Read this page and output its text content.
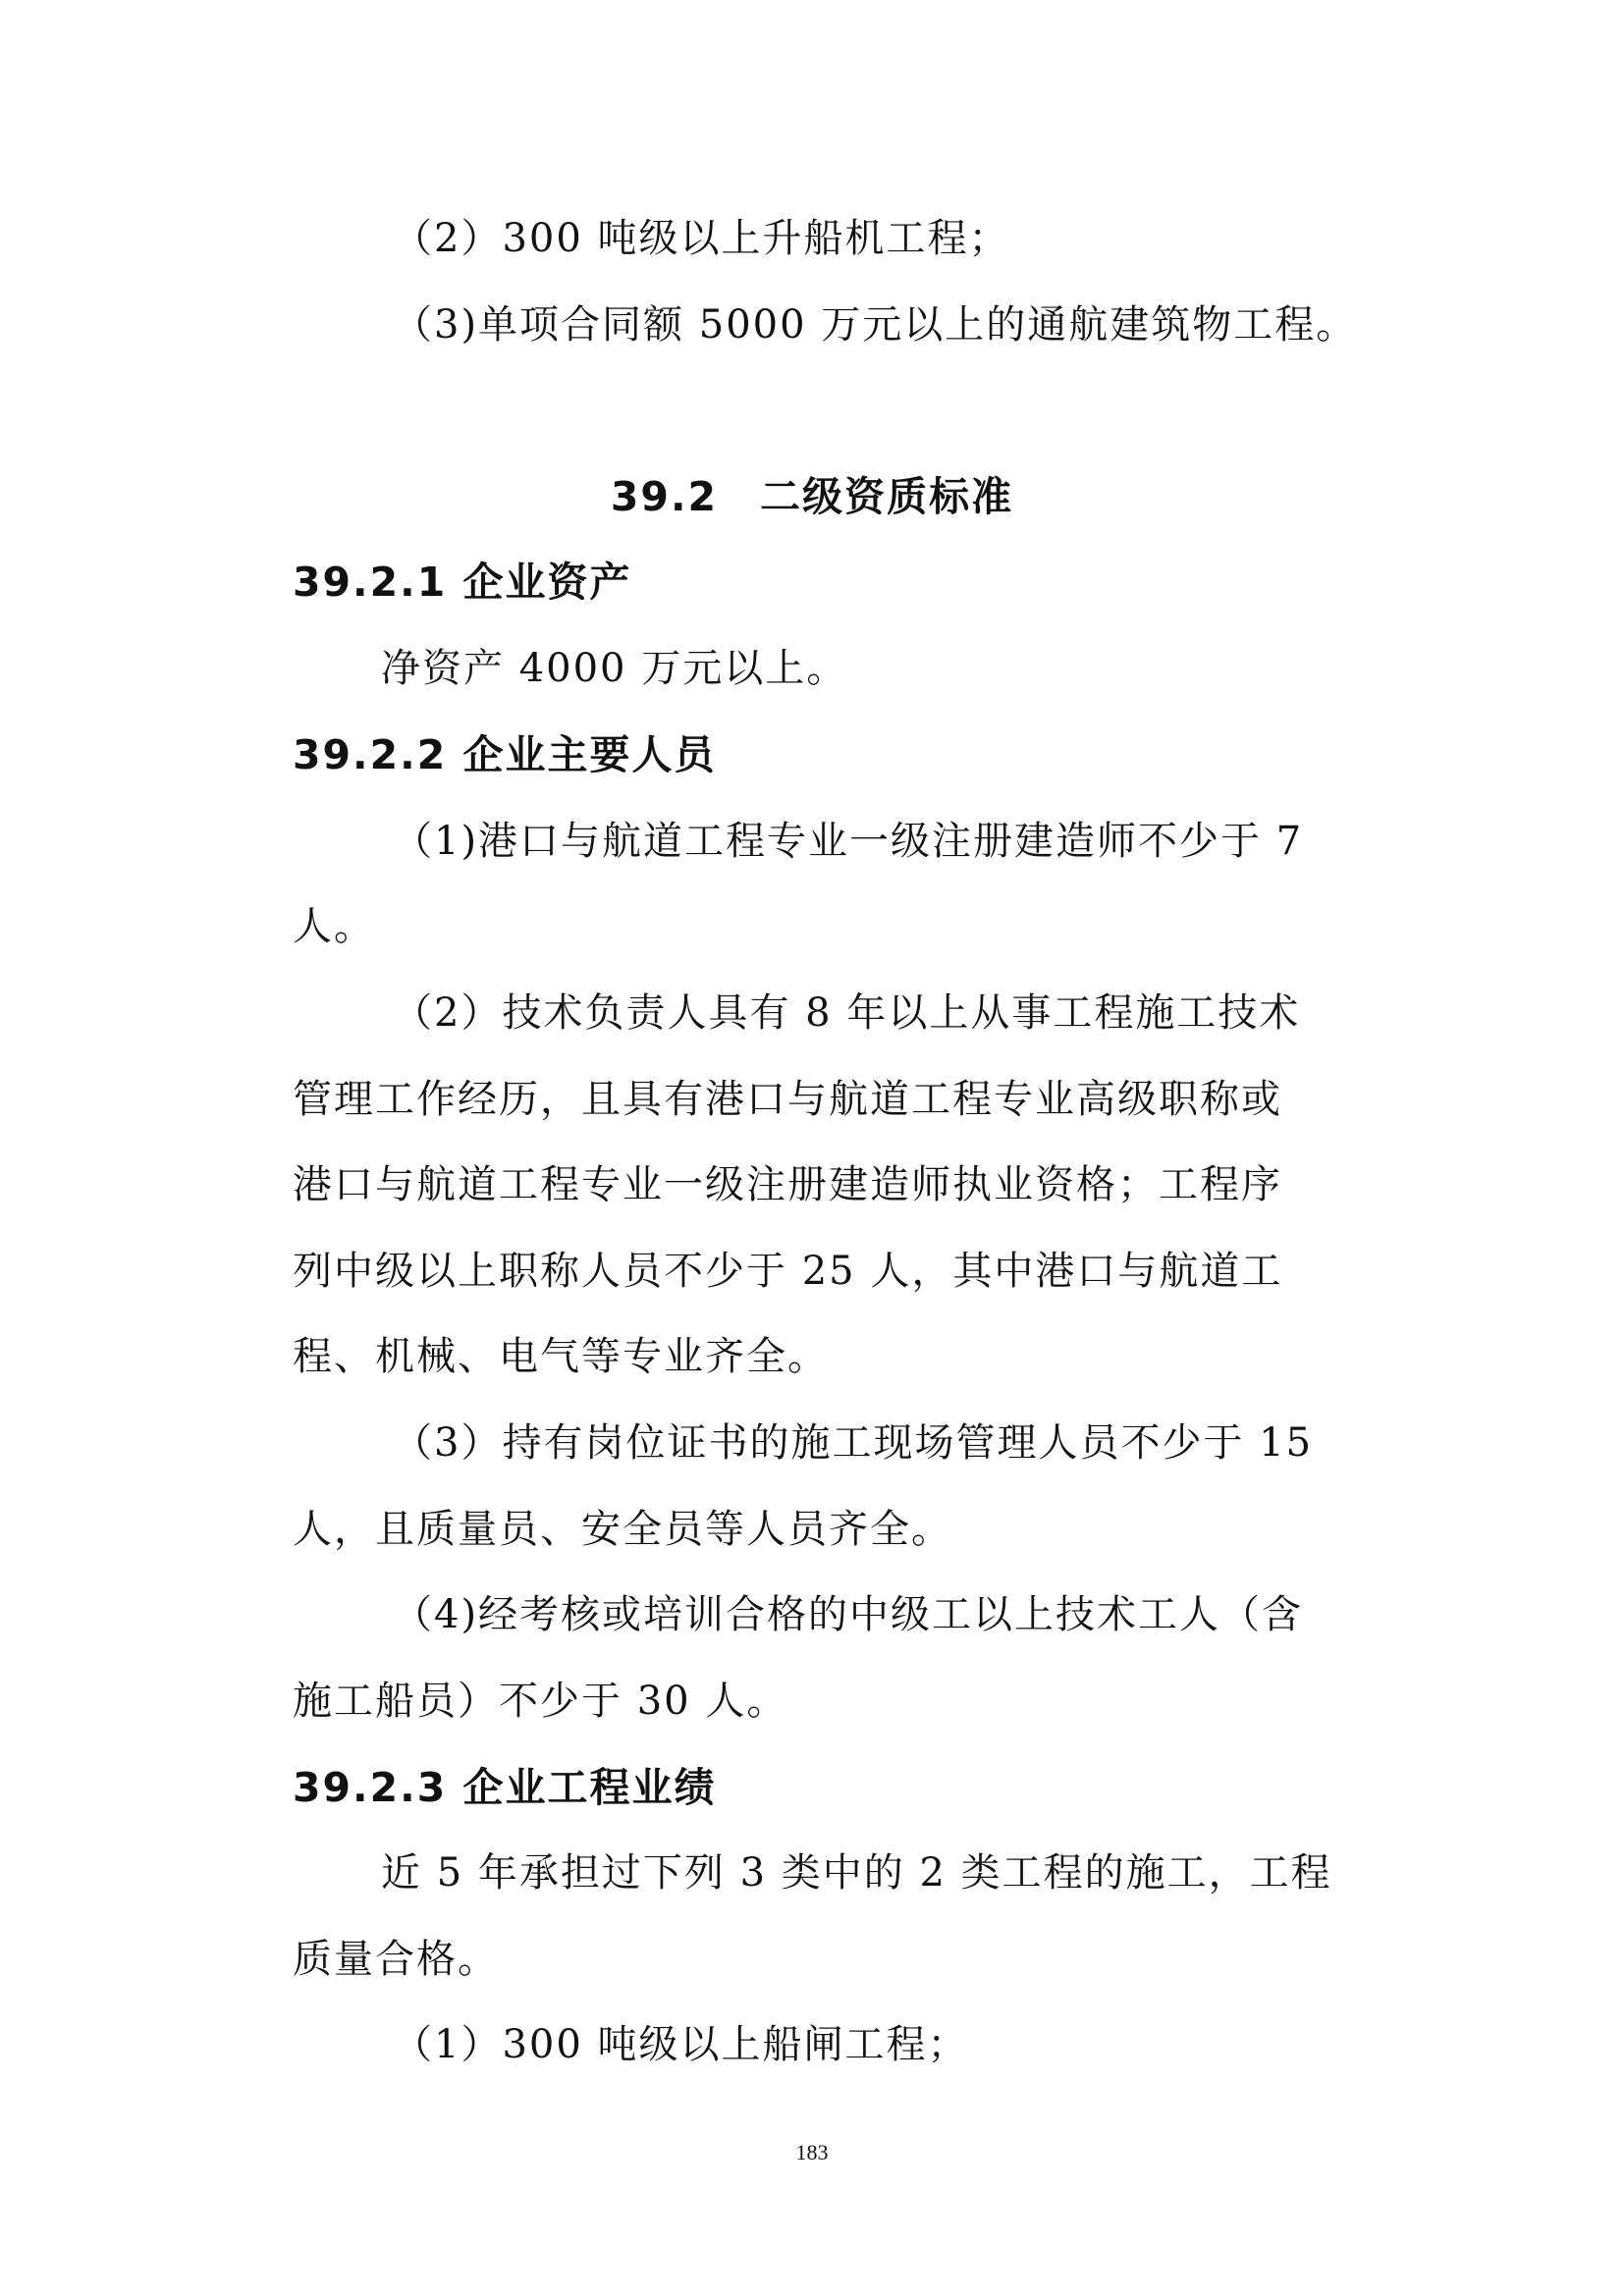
（2）300 吨级以上升船机工程；
（3)单项合同额 5000 万元以上的通航建筑物工程。
39.2　二级资质标准
39.2.1 企业资产
净资产 4000 万元以上。
39.2.2 企业主要人员
（1)港口与航道工程专业一级注册建造师不少于 7
人。
（2）技术负责人具有 8 年以上从事工程施工技术
管理工作经历，且具有港口与航道工程专业高级职称或
港口与航道工程专业一级注册建造师执业资格；工程序
列中级以上职称人员不少于 25 人，其中港口与航道工
程、机械、电气等专业齐全。
（3）持有岗位证书的施工现场管理人员不少于 15
人，且质量员、安全员等人员齐全。
（4)经考核或培训合格的中级工以上技术工人（含
施工船员）不少于 30 人。
39.2.3 企业工程业绩
近 5 年承担过下列 3 类中的 2 类工程的施工，工程
质量合格。
（1）300 吨级以上船闸工程；
183
